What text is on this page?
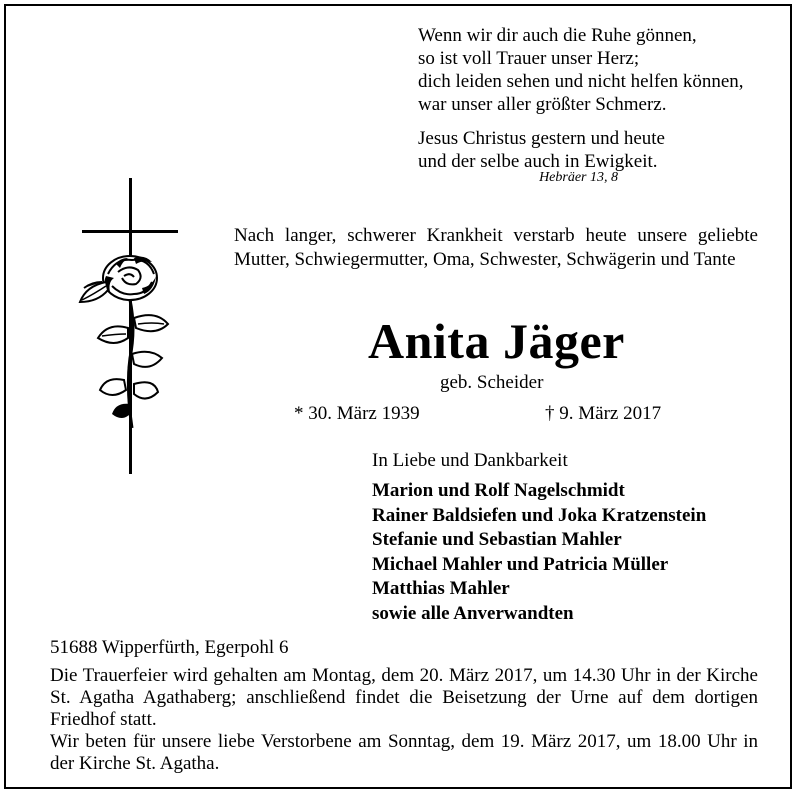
Wenn wir dir auch die Ruhe gönnen,
so ist voll Trauer unser Herz;
dich leiden sehen und nicht helfen können,
war unser aller größter Schmerz.
Jesus Christus gestern und heute
und der selbe auch in Ewigkeit.
Hebräer 13, 8
Nach langer, schwerer Krankheit verstarb heute unsere geliebte Mutter, Schwiegermutter, Oma, Schwester, Schwägerin und Tante
Anita Jäger
geb. Scheider
* 30. März 1939	† 9. März 2017
In Liebe und Dankbarkeit
Marion und Rolf Nagelschmidt
Rainer Baldsiefen und Joka Kratzenstein
Stefanie und Sebastian Mahler
Michael Mahler und Patricia Müller
Matthias Mahler
sowie alle Anverwandten
51688 Wipperfürth, Egerpohl 6

Die Trauerfeier wird gehalten am Montag, dem 20. März 2017, um 14.30 Uhr in der Kirche St. Agatha Agathaberg; anschließend findet die Beisetzung der Urne auf dem dortigen Friedhof statt.

Wir beten für unsere liebe Verstorbene am Sonntag, dem 19. März 2017, um 18.00 Uhr in der Kirche St. Agatha.
